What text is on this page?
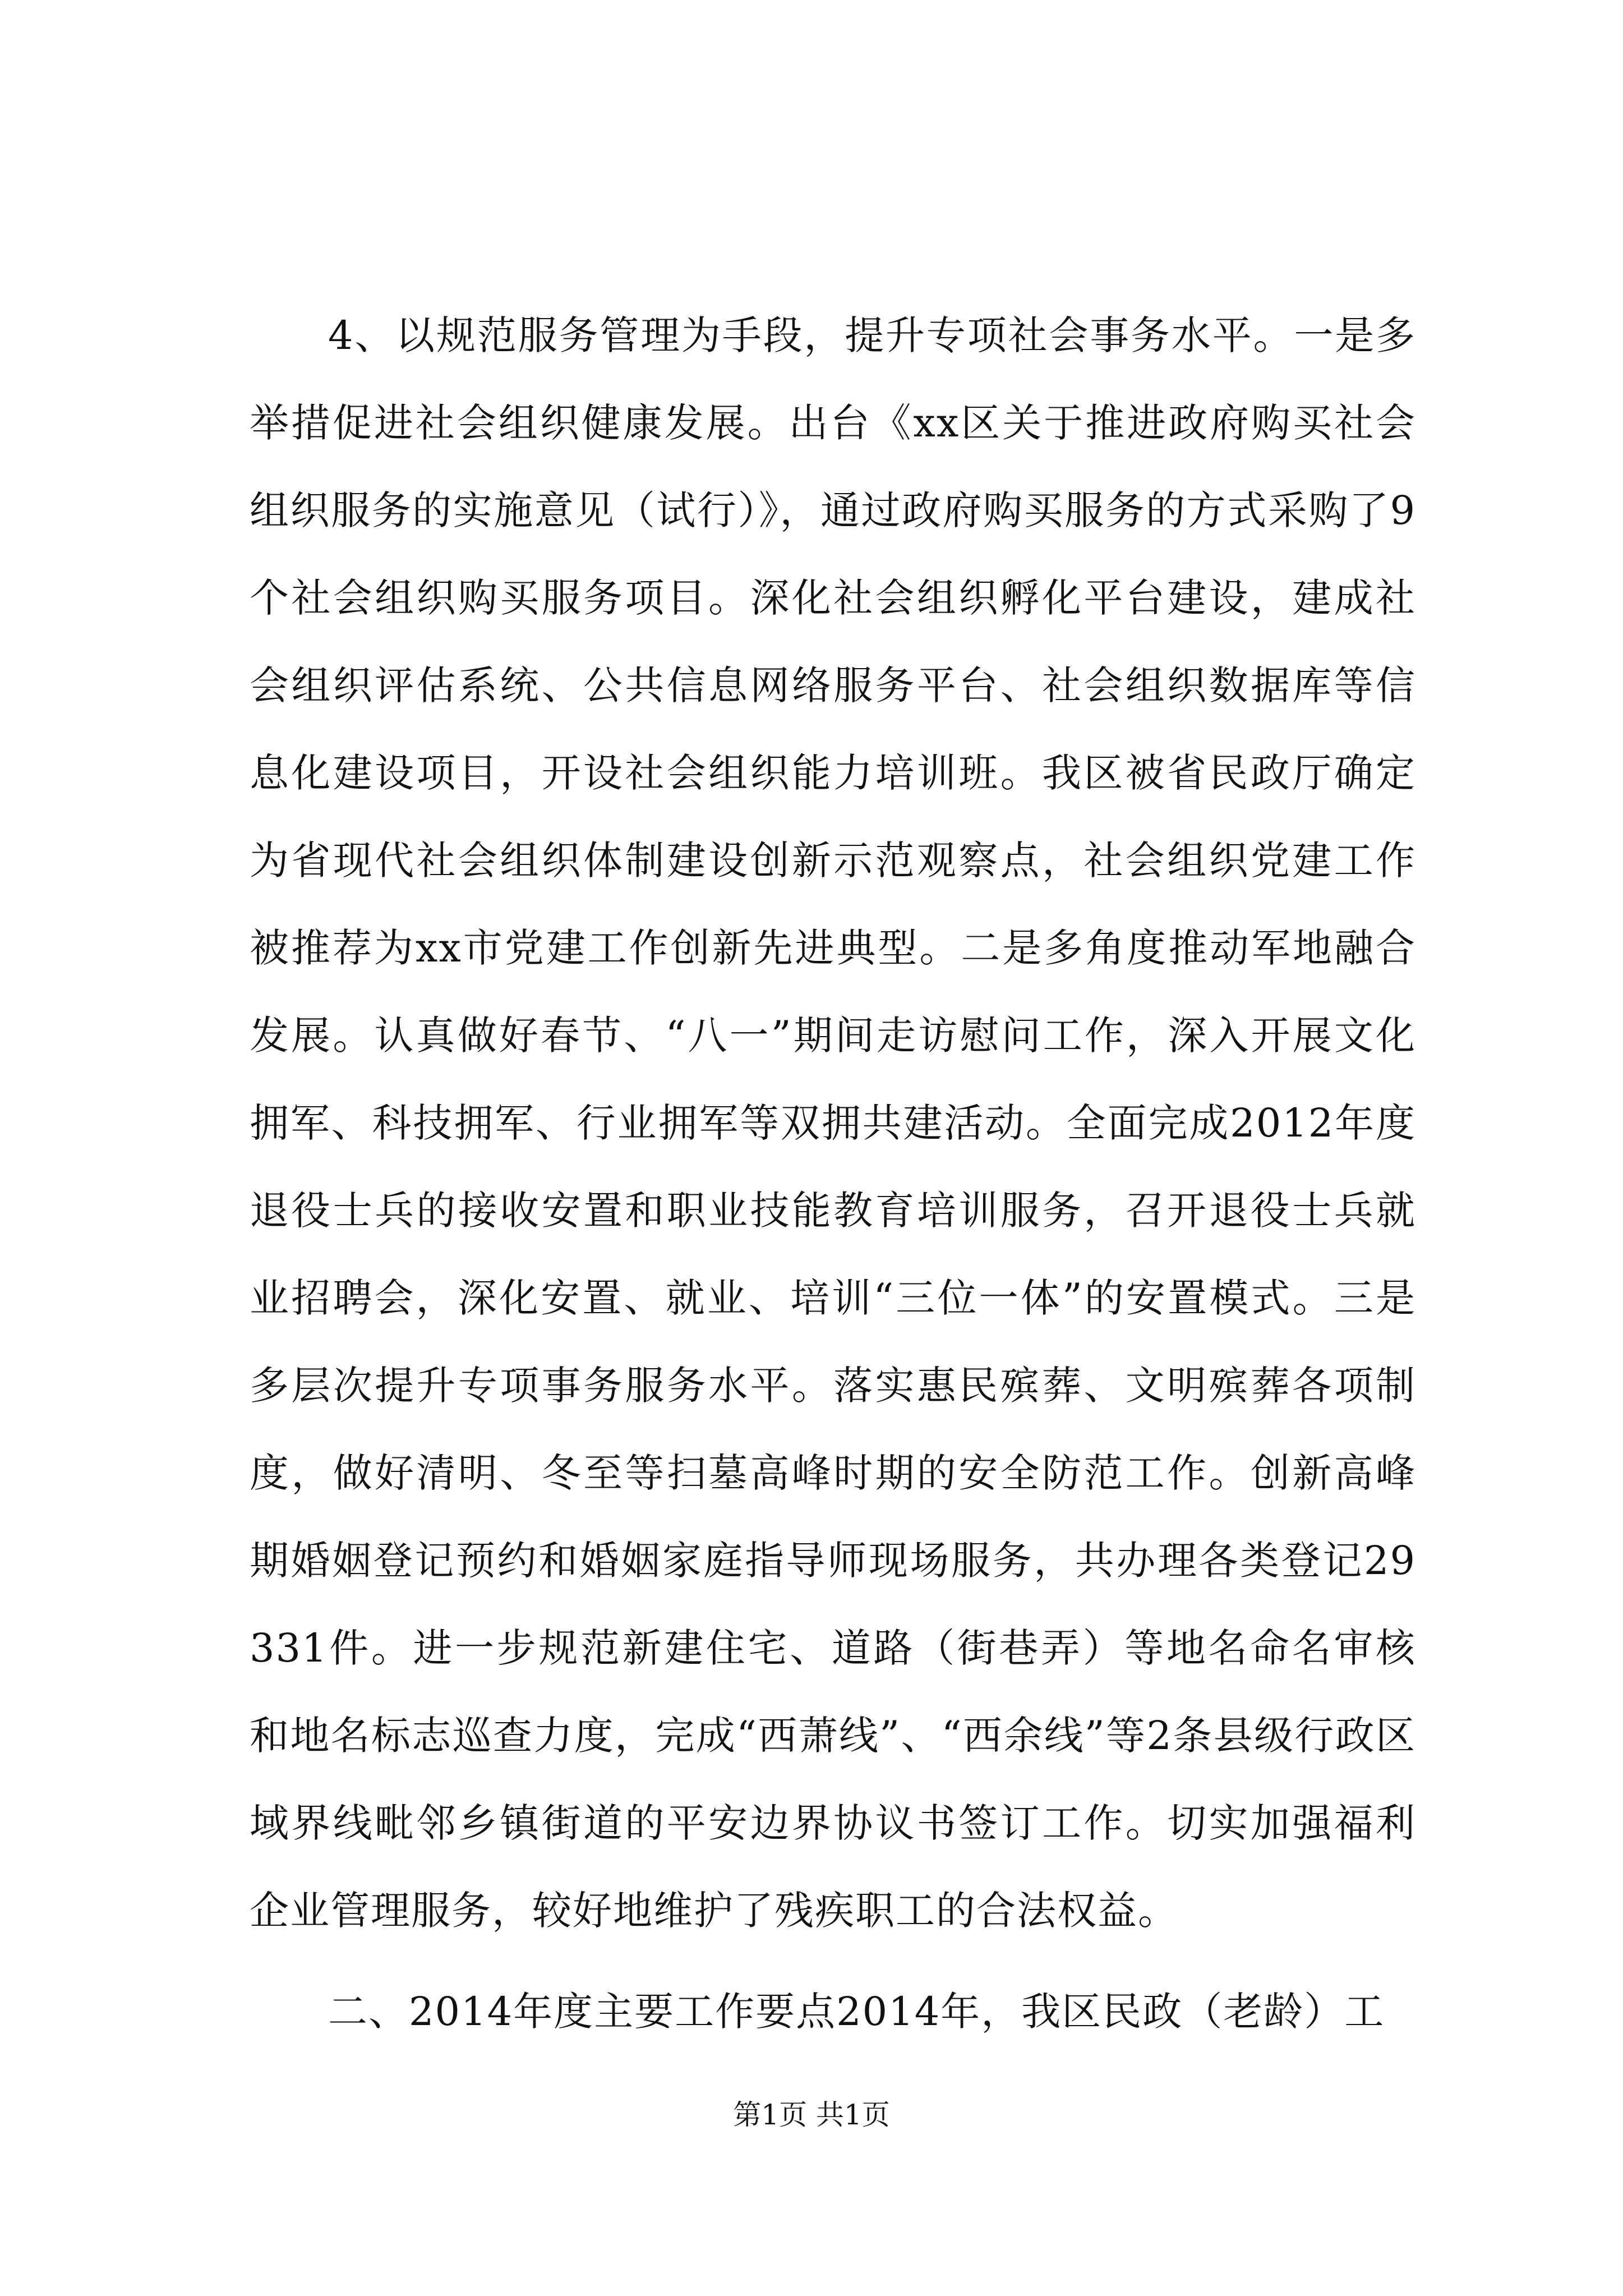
4、以规范服务管理为手段，提升专项社会事务水平。一是多举措促进社会组织健康发展。出台《xx区关于推进政府购买社会组织服务的实施意见（试行）》，通过政府购买服务的方式采购了9个社会组织购买服务项目。深化社会组织孵化平台建设，建成社会组织评估系统、公共信息网络服务平台、社会组织数据库等信息化建设项目，开设社会组织能力培训班。我区被省民政厅确定为省现代社会组织体制建设创新示范观察点，社会组织党建工作被推荐为xx市党建工作创新先进典型。二是多角度推动军地融合发展。认真做好春节、“八一”期间走访慰问工作，深入开展文化拥军、科技拥军、行业拥军等双拥共建活动。全面完成2012年度退役士兵的接收安置和职业技能教育培训服务，召开退役士兵就业招聘会，深化安置、就业、培训“三位一体”的安置模式。三是多层次提升专项事务服务水平。落实惠民殡葬、文明殡葬各项制度，做好清明、冬至等扫墓高峰时期的安全防范工作。创新高峰期婚姻登记预约和婚姻家庭指导师现场服务，共办理各类登记29331件。进一步规范新建住宅、道路（街巷弄）等地名命名审核和地名标志巡查力度，完成“西萧线”、“西余线”等2条县级行政区域界线毗邻乡镇街道的平安边界协议书签订工作。切实加强福利企业管理服务，较好地维护了残疾职工的合法权益。

二、2014年度主要工作要点2014年，我区民政（老龄）工

第1页 共1页
